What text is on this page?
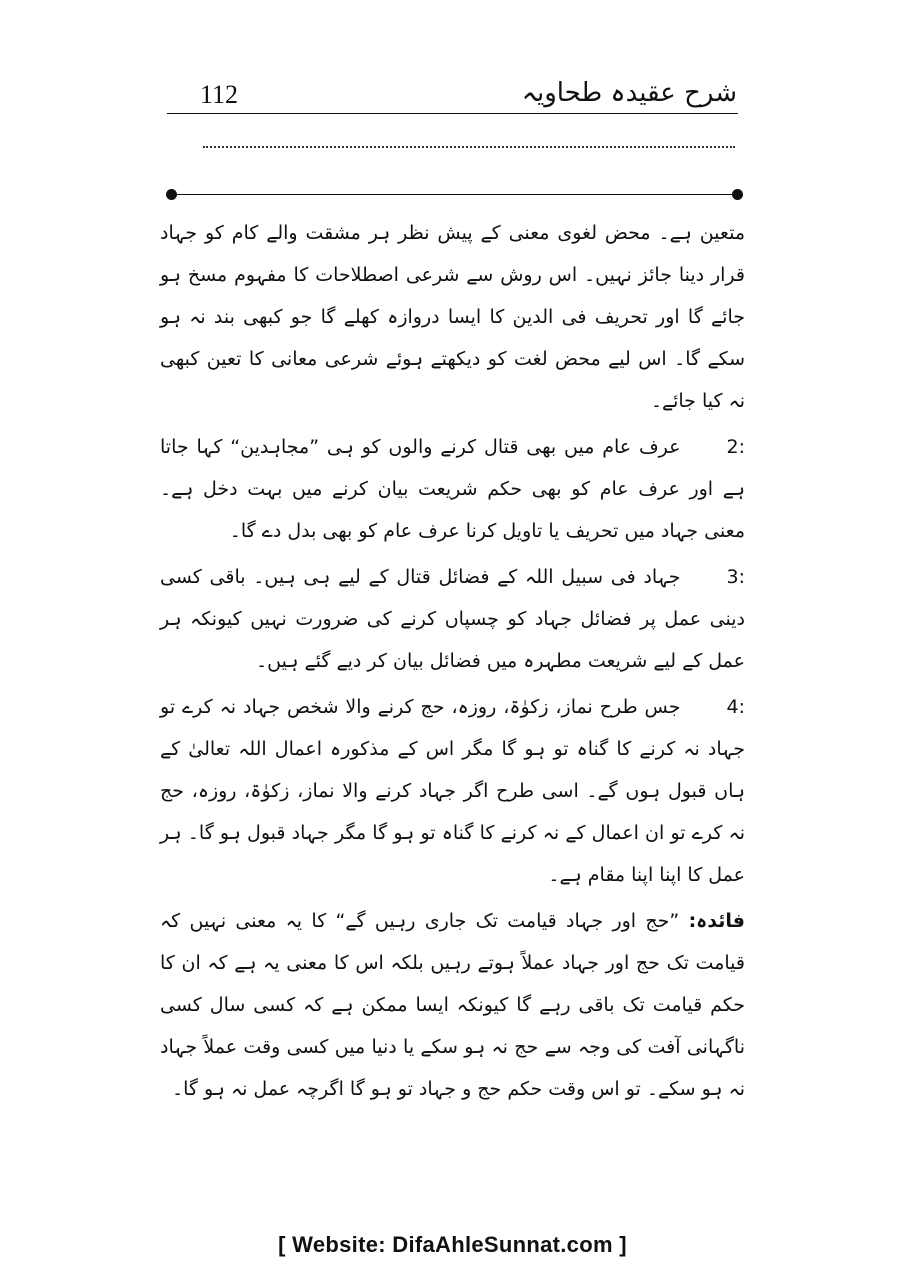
شرح عقیدہ طحاویہ
112

متعین ہے۔ محض لغوی معنی کے پیش نظر ہر مشقت والے کام کو جہاد قرار دینا جائز نہیں۔ اس روش سے شرعی اصطلاحات کا مفہوم مسخ ہو جائے گا اور تحریف فی الدین کا ایسا دروازہ کھلے گا جو کبھی بند نہ ہو سکے گا۔ اس لیے محض لغت کو دیکھتے ہوئے شرعی معانی کا تعین کبھی نہ کیا جائے۔

2:عرف عام میں بھی قتال کرنے والوں کو ہی ”مجاہدین“ کہا جاتا ہے اور عرف عام کو بھی حکم شریعت بیان کرنے میں بہت دخل ہے۔ معنی جہاد میں تحریف یا تاویل کرنا عرف عام کو بھی بدل دے گا۔

3:جہاد فی سبیل اللہ کے فضائل قتال کے لیے ہی ہیں۔ باقی کسی دینی عمل پر فضائل جہاد کو چسپاں کرنے کی ضرورت نہیں کیونکہ ہر عمل کے لیے شریعت مطہرہ میں فضائل بیان کر دیے گئے ہیں۔

4:جس طرح نماز، زکوٰۃ، روزہ، حج کرنے والا شخص جہاد نہ کرے تو جہاد نہ کرنے کا گناہ تو ہو گا مگر اس کے مذکورہ اعمال اللہ تعالیٰ کے ہاں قبول ہوں گے۔ اسی طرح اگر جہاد کرنے والا نماز، زکوٰۃ، روزہ، حج نہ کرے تو ان اعمال کے نہ کرنے کا گناہ تو ہو گا مگر جہاد قبول ہو گا۔ ہر عمل کا اپنا اپنا مقام ہے۔

فائدہ: ”حج اور جہاد قیامت تک جاری رہیں گے“ کا یہ معنی نہیں کہ قیامت تک حج اور جہاد عملاً ہوتے رہیں بلکہ اس کا معنی یہ ہے کہ ان کا حکم قیامت تک باقی رہے گا کیونکہ ایسا ممکن ہے کہ کسی سال کسی ناگہانی آفت کی وجہ سے حج نہ ہو سکے یا دنیا میں کسی وقت عملاً جہاد نہ ہو سکے۔ تو اس وقت حکم حج و جہاد تو ہو گا اگرچہ عمل نہ ہو گا۔

[ Website: DifaAhleSunnat.com ]
